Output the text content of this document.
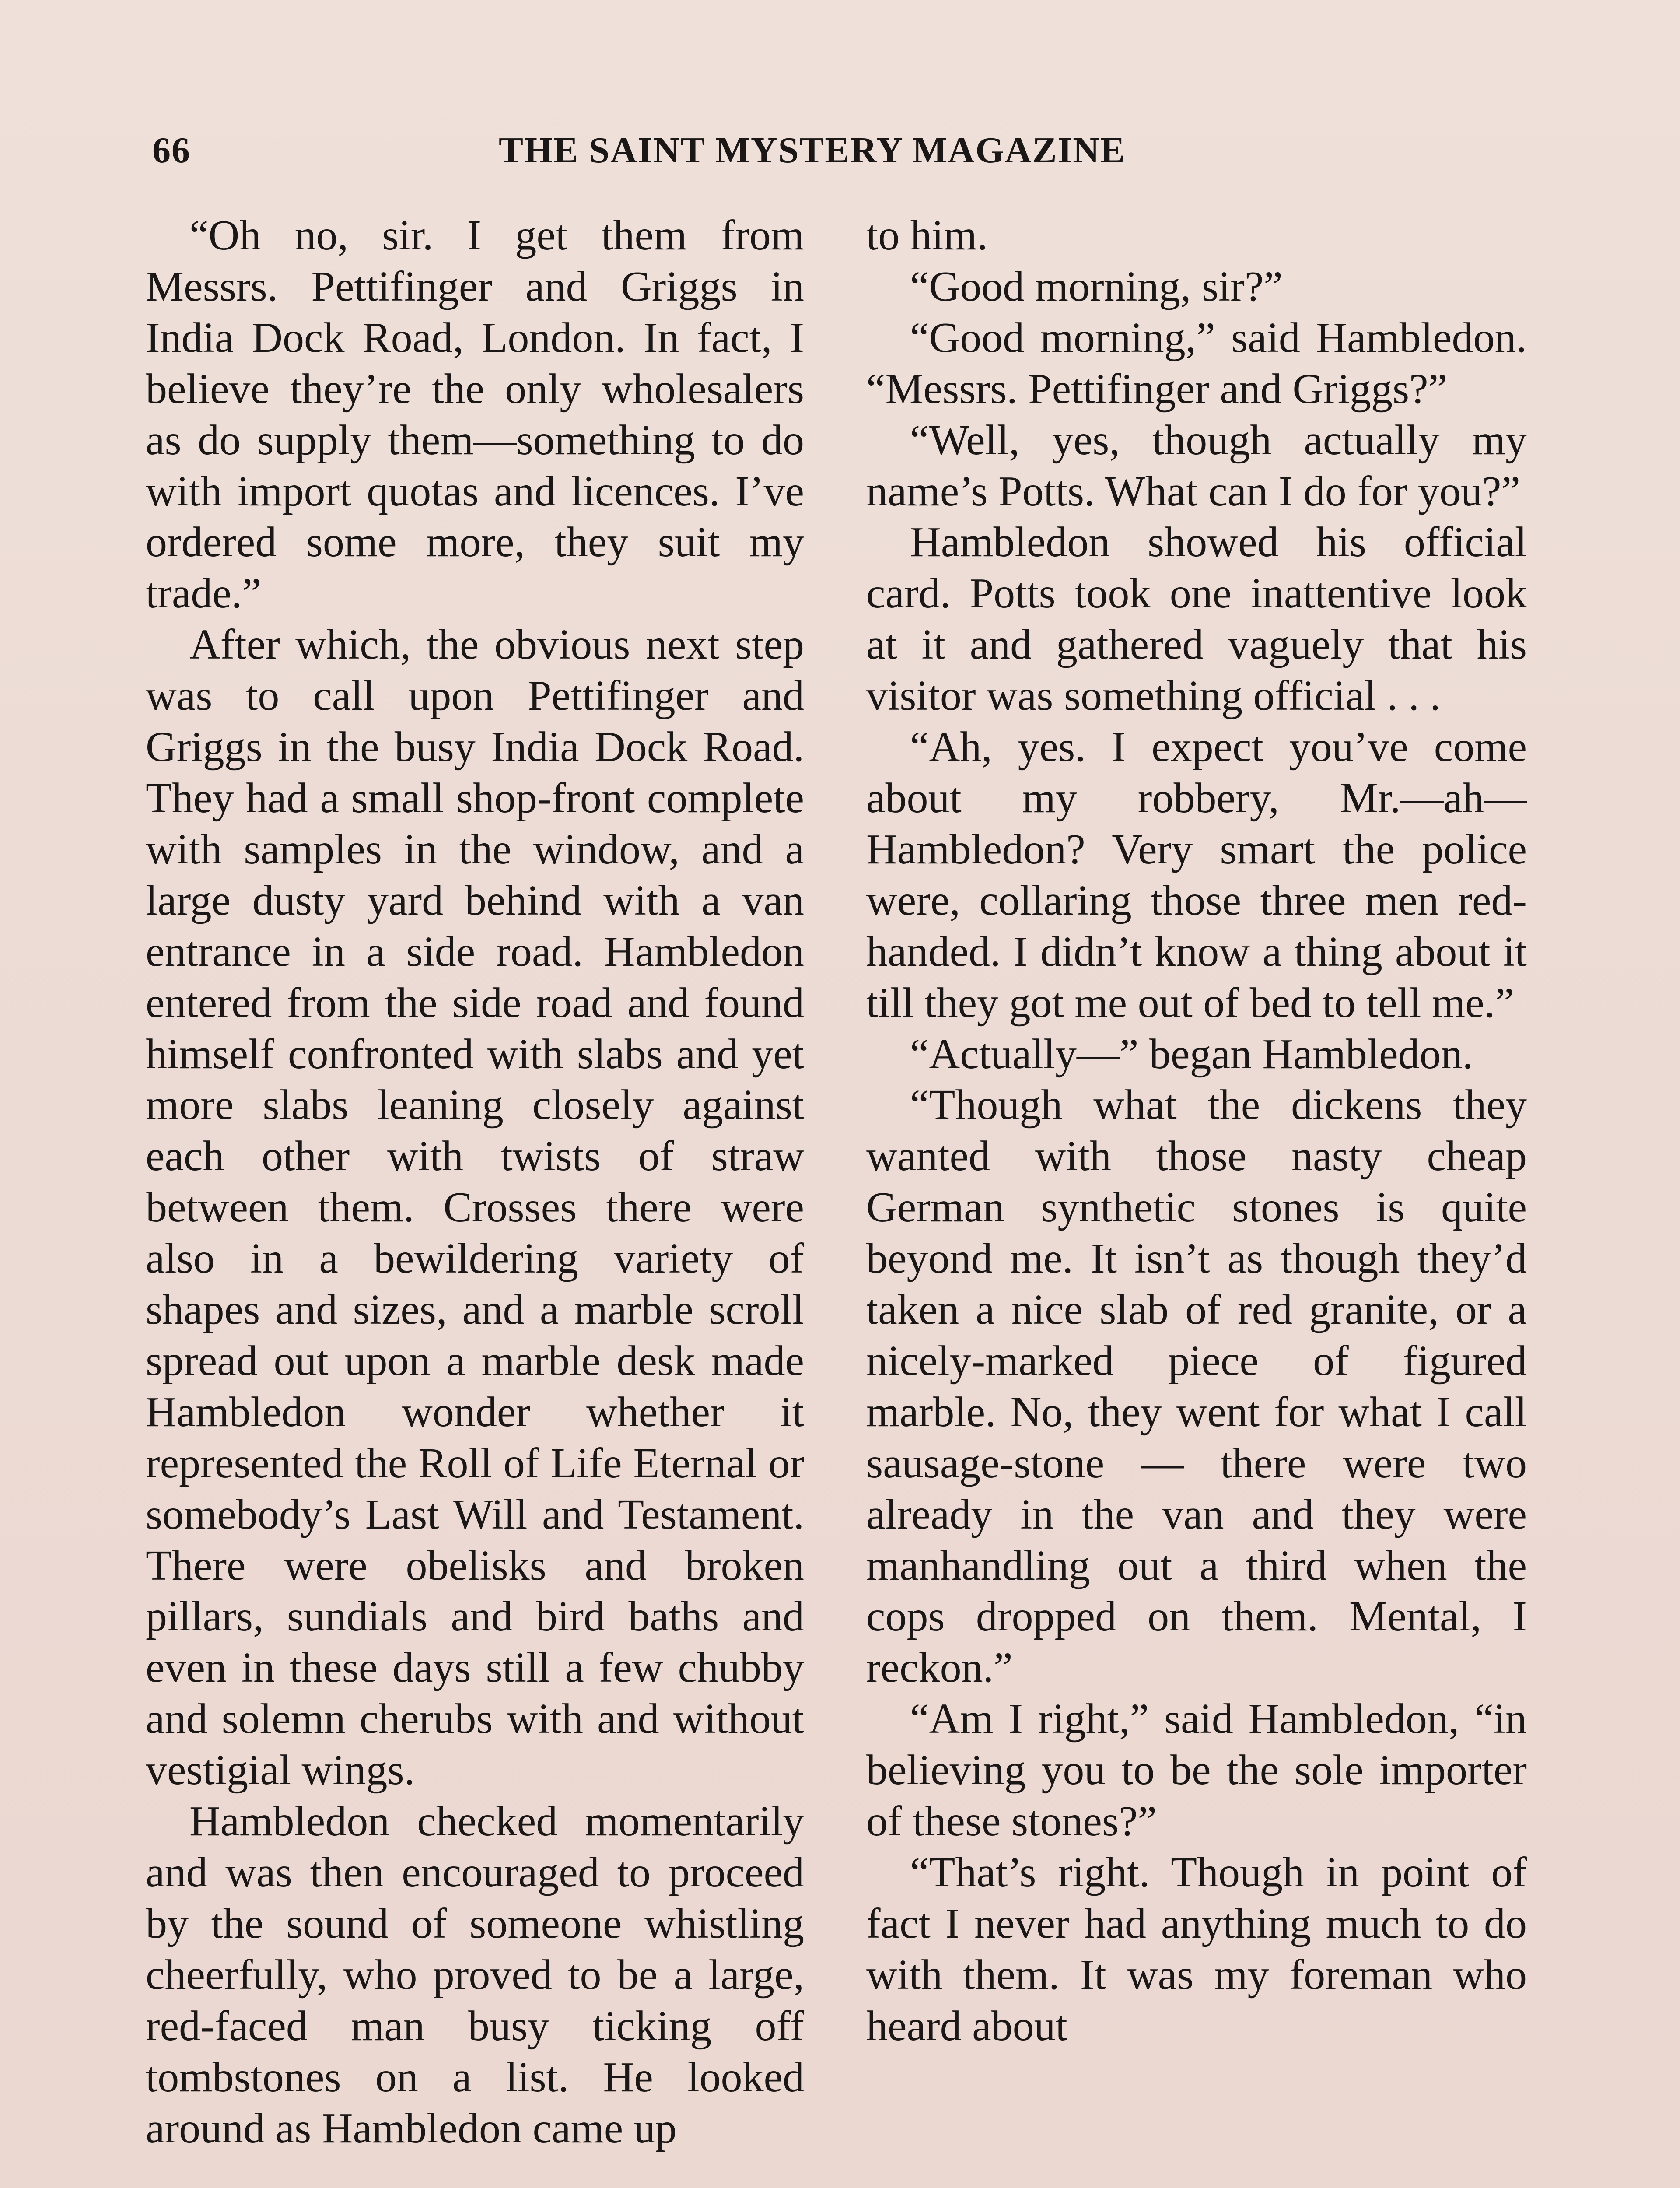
66	THE SAINT MYSTERY MAGAZINE

“Oh no, sir. I get them from Messrs. Pettifinger and Griggs in India Dock Road, London. In fact, I believe they’re the only wholesalers as do supply them—something to do with import quotas and licences. I’ve ordered some more, they suit my trade.”

After which, the obvious next step was to call upon Pettifinger and Griggs in the busy India Dock Road. They had a small shop-front complete with samples in the window, and a large dusty yard behind with a van entrance in a side road. Hambledon entered from the side road and found himself confronted with slabs and yet more slabs leaning closely against each other with twists of straw between them. Crosses there were also in a bewildering variety of shapes and sizes, and a marble scroll spread out upon a marble desk made Hambledon wonder whether it represented the Roll of Life Eternal or somebody’s Last Will and Testament. There were obelisks and broken pillars, sundials and bird baths and even in these days still a few chubby and solemn cherubs with and without vestigial wings.

Hambledon checked momentarily and was then encouraged to proceed by the sound of someone whistling cheerfully, who proved to be a large, red-faced man busy ticking off tombstones on a list. He looked around as Hambledon came up

to him.

“Good morning, sir?”

“Good morning,” said Hambledon. “Messrs. Pettifinger and Griggs?”

“Well, yes, though actually my name’s Potts. What can I do for you?”

Hambledon showed his official card. Potts took one inattentive look at it and gathered vaguely that his visitor was something official . . .

“Ah, yes. I expect you’ve come about my robbery, Mr.—ah—Hambledon? Very smart the police were, collaring those three men red-handed. I didn’t know a thing about it till they got me out of bed to tell me.”

“Actually—” began Hambledon.

“Though what the dickens they wanted with those nasty cheap German synthetic stones is quite beyond me. It isn’t as though they’d taken a nice slab of red granite, or a nicely-marked piece of figured marble. No, they went for what I call sausage-stone — there were two already in the van and they were manhandling out a third when the cops dropped on them. Mental, I reckon.”

“Am I right,” said Hambledon, “in believing you to be the sole importer of these stones?”

“That’s right. Though in point of fact I never had anything much to do with them. It was my foreman who heard about
